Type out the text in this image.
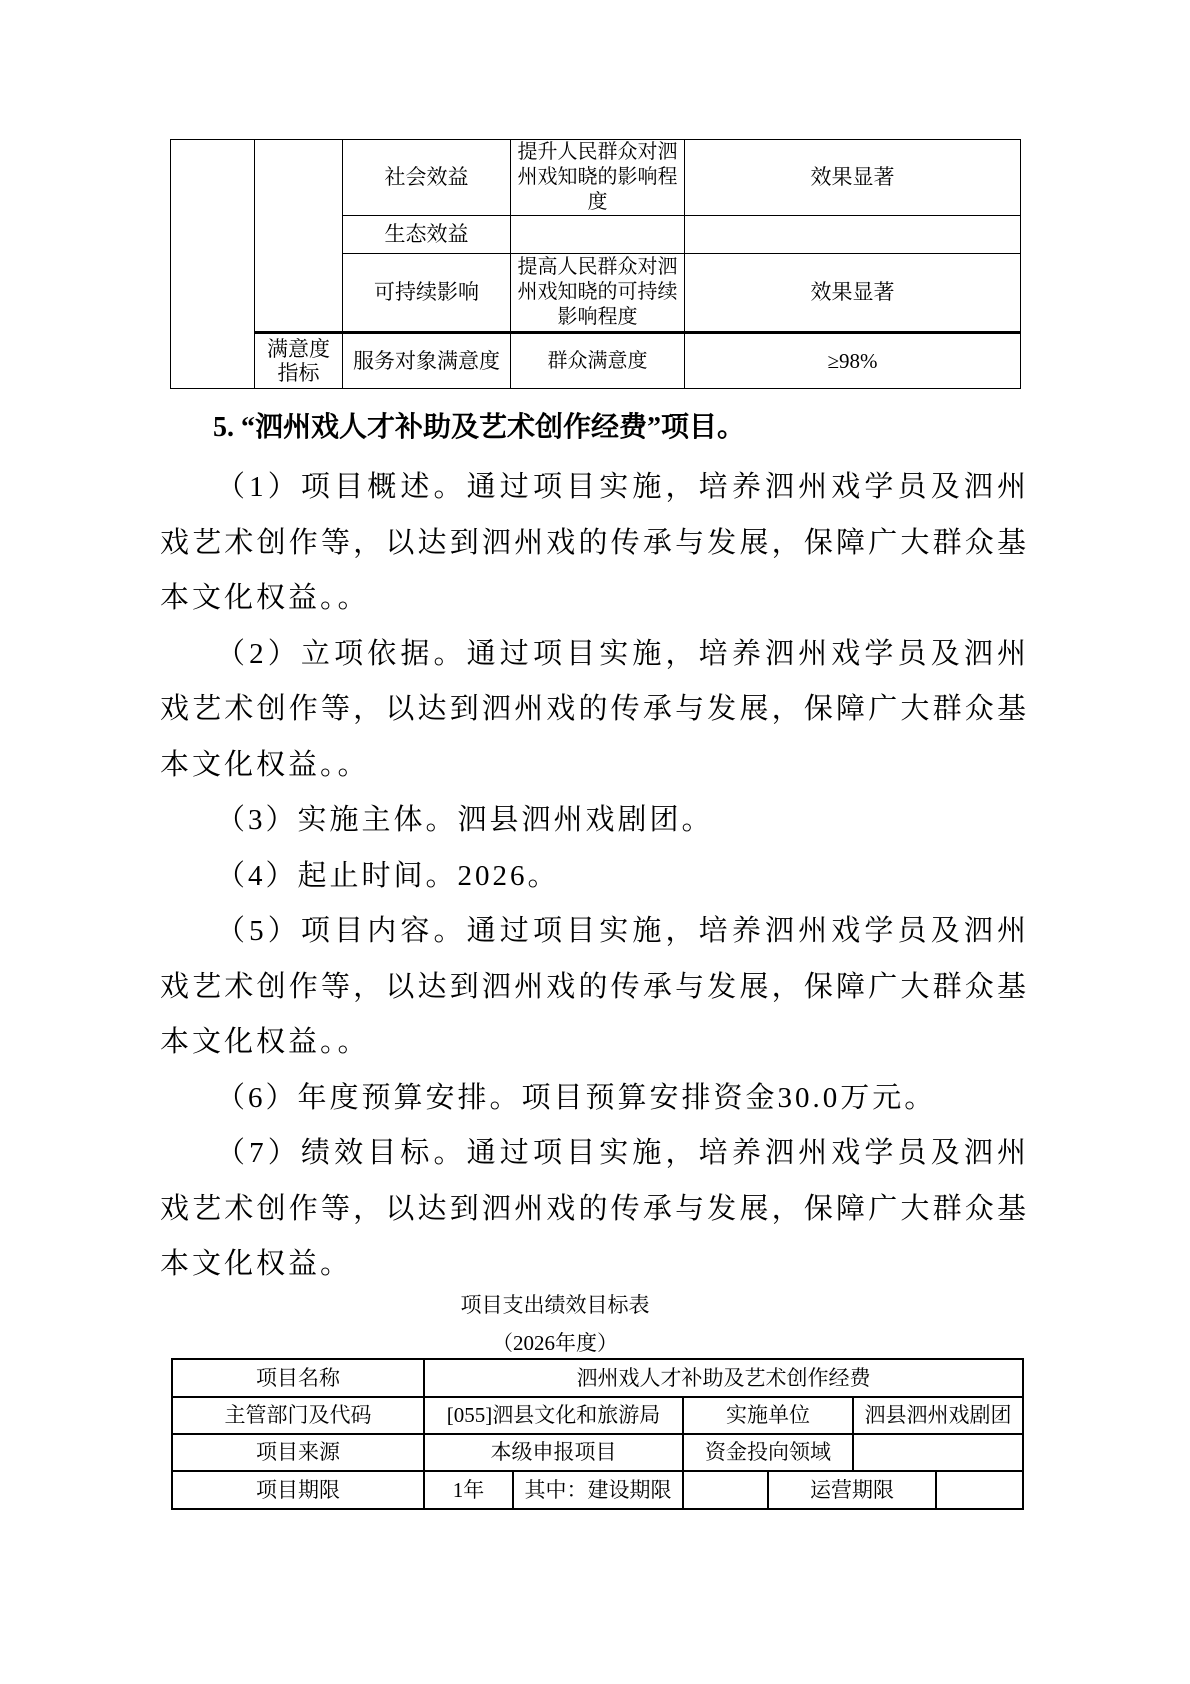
		社会效益	提升人民群众对泗州戏知晓的影响程度	效果显著
		生态效益		
		可持续影响	提高人民群众对泗州戏知晓的可持续影响程度	效果显著
	满意度指标	服务对象满意度	群众满意度	≥98%
5. “泗州戏人才补助及艺术创作经费”项目。

（1）项目概述。通过项目实施，培养泗州戏学员及泗州戏艺术创作等，以达到泗州戏的传承与发展，保障广大群众基本文化权益。。

（2）立项依据。通过项目实施，培养泗州戏学员及泗州戏艺术创作等，以达到泗州戏的传承与发展，保障广大群众基本文化权益。。

（3）实施主体。泗县泗州戏剧团。

（4）起止时间。2026。

（5）项目内容。通过项目实施，培养泗州戏学员及泗州戏艺术创作等，以达到泗州戏的传承与发展，保障广大群众基本文化权益。。

（6）年度预算安排。项目预算安排资金30.0万元。

（7）绩效目标。通过项目实施，培养泗州戏学员及泗州戏艺术创作等，以达到泗州戏的传承与发展，保障广大群众基本文化权益。

项目支出绩效目标表
（2026年度）
项目名称	泗州戏人才补助及艺术创作经费					
主管部门及代码	[055]泗县文化和旅游局		实施单位		泗县泗州戏剧团	
项目来源	本级申报项目		资金投向领域			
项目期限	1年	其中：建设期限		运营期限		
